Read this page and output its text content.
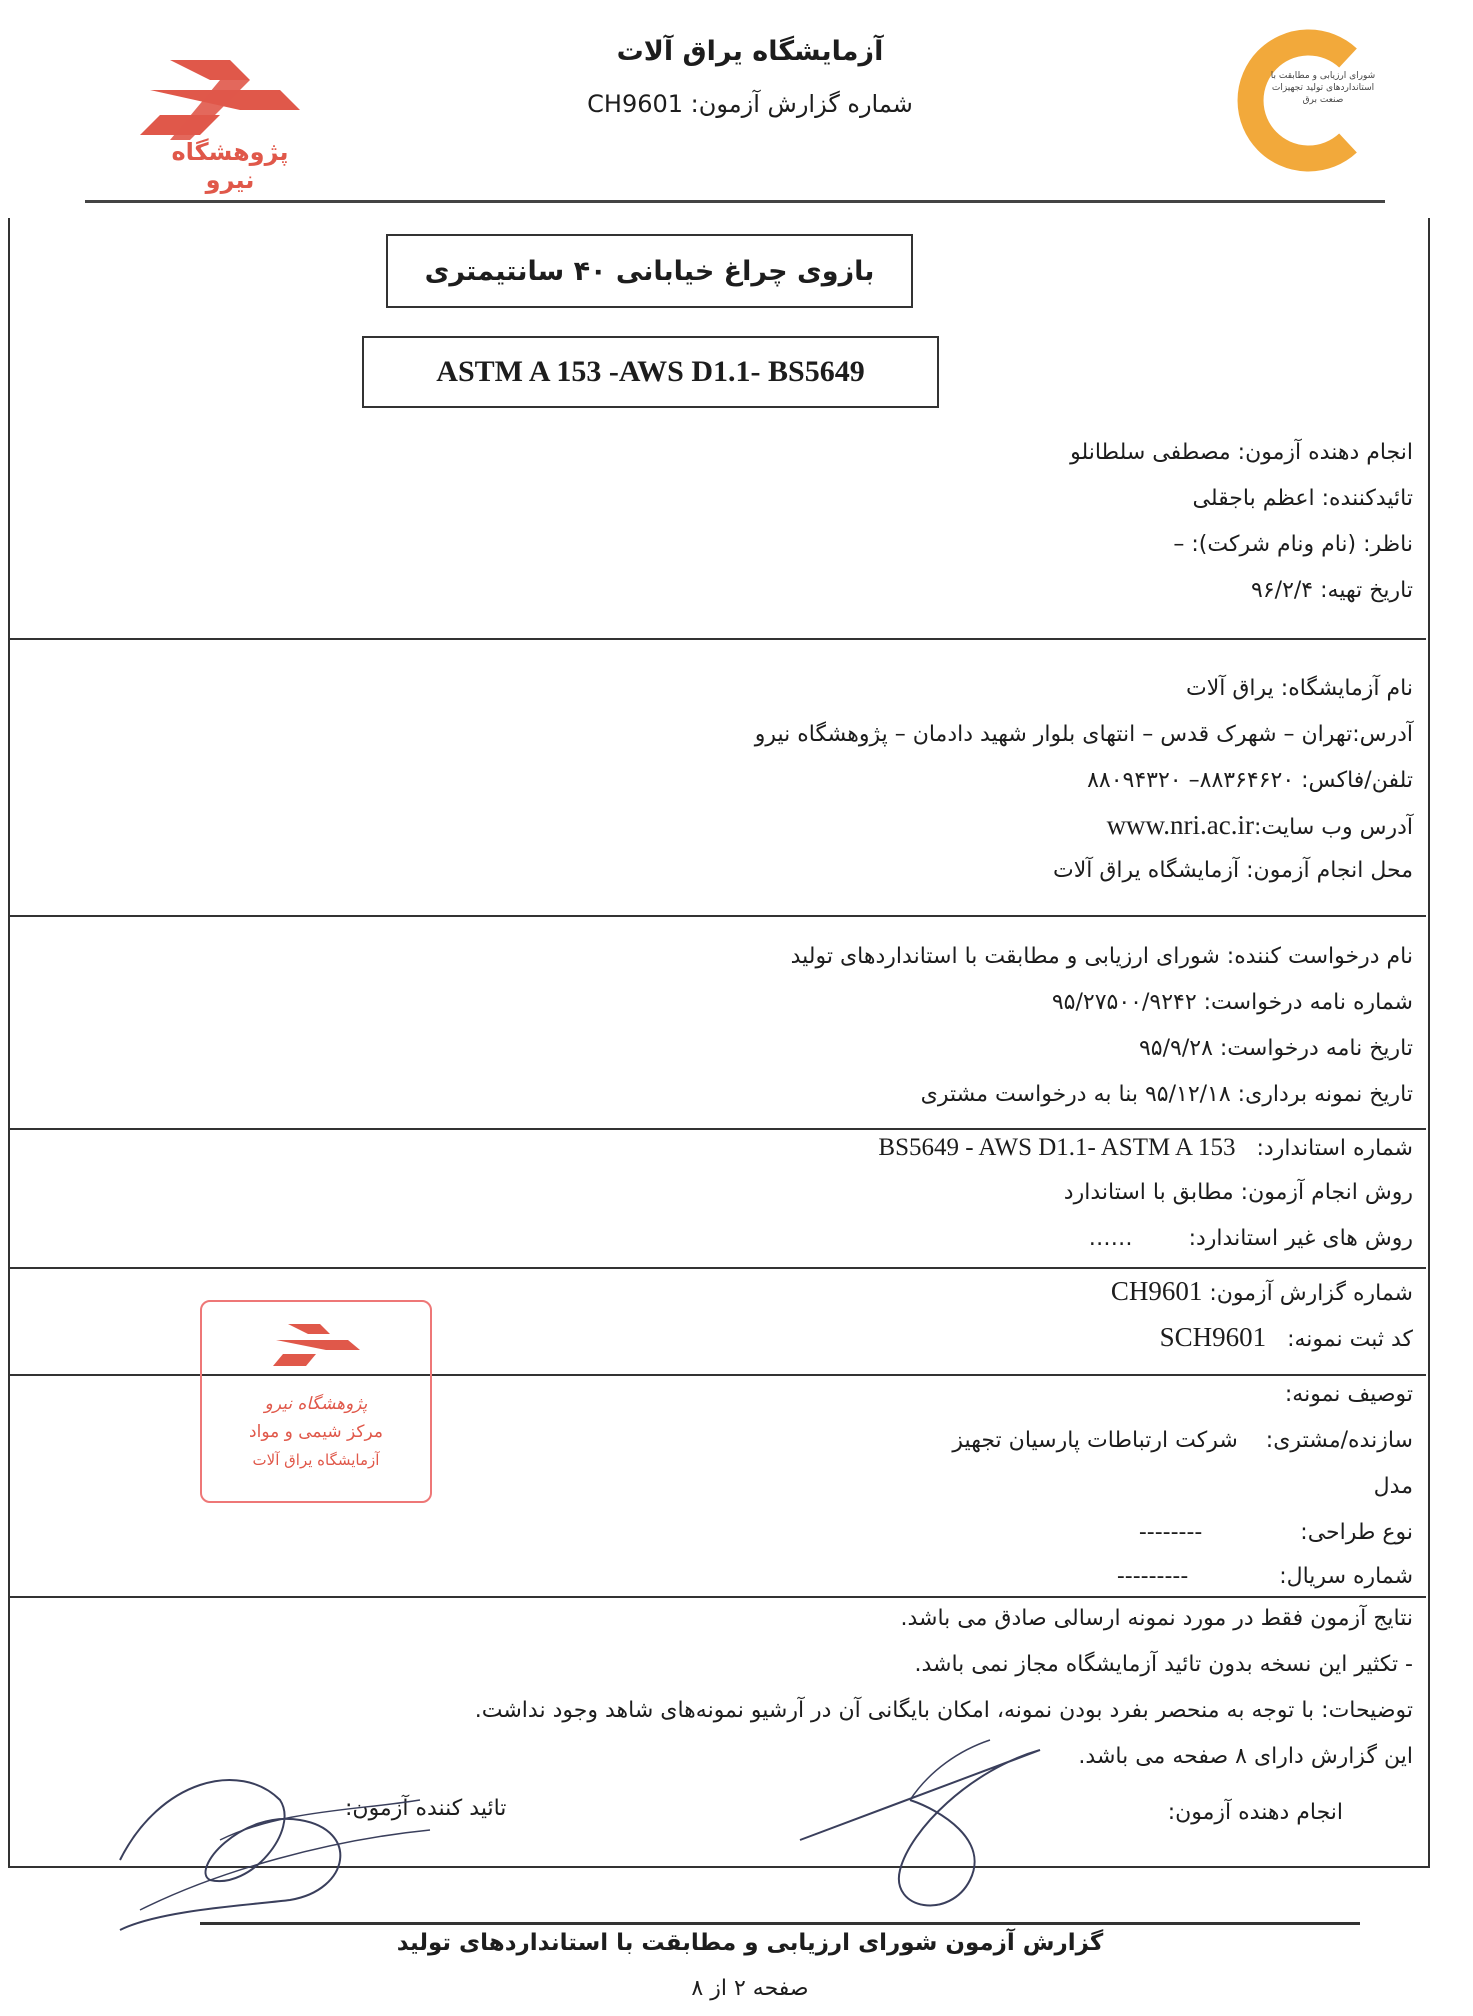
آزمایشگاه یراق آلات
شماره گزارش آزمون: CH9601
پژوهشگاه نیرو
شورای ارزیابی و مطابقت با استانداردهای تولید تجهیزات صنعت برق
بازوی چراغ خیابانی ۴۰ سانتیمتری
ASTM A 153 -AWS D1.1- BS5649
انجام دهنده آزمون: مصطفی سلطانلو
تائیدکننده: اعظم باجقلی
ناظر: (نام ونام شرکت): –
تاریخ تهیه: ۹۶/۲/۴
نام آزمایشگاه: یراق آلات
آدرس:تهران – شهرک قدس – انتهای بلوار شهید دادمان – پژوهشگاه نیرو
تلفن/فاکس: ۸۸۳۶۴۶۲۰– ۸۸۰۹۴۳۲۰
www.nri.ac.irآدرس وب سایت:
محل انجام آزمون: آزمایشگاه یراق آلات
نام درخواست کننده: شورای ارزیابی و مطابقت با استانداردهای تولید
شماره نامه درخواست: ۹۵/۲۷۵۰۰/۹۲۴۲
تاریخ نامه درخواست: ۹۵/۹/۲۸
تاریخ نمونه برداری: ۹۵/۱۲/۱۸ بنا به درخواست مشتری
BS5649 - AWS D1.1- ASTM A 153 شماره استاندارد:
روش انجام آزمون: مطابق با استاندارد
……	روش های غیر استاندارد:
CH9601 شماره گزارش آزمون:
SCH9601 کد ثبت نمونه:
پژوهشگاه نیرو
مرکز شیمی و مواد
آزمایشگاه یراق آلات
توصیف نمونه:
شرکت ارتباطات پارسیان تجهیز سازنده/مشتری:
مدل
--------	نوع طراحی:
---------	شماره سریال:
نتایج آزمون فقط در مورد نمونه ارسالی صادق می باشد.
- تکثیر این نسخه بدون تائید آزمایشگاه مجاز نمی باشد.
توضیحات: با توجه به منحصر بفرد بودن نمونه، امکان بایگانی آن در آرشیو نمونه‌های شاهد وجود نداشت.
این گزارش دارای ۸ صفحه می باشد.
انجام دهنده آزمون:
تائید کننده آزمون:
گزارش آزمون شورای ارزیابی و مطابقت با استانداردهای تولید
صفحه ۲ از ۸
